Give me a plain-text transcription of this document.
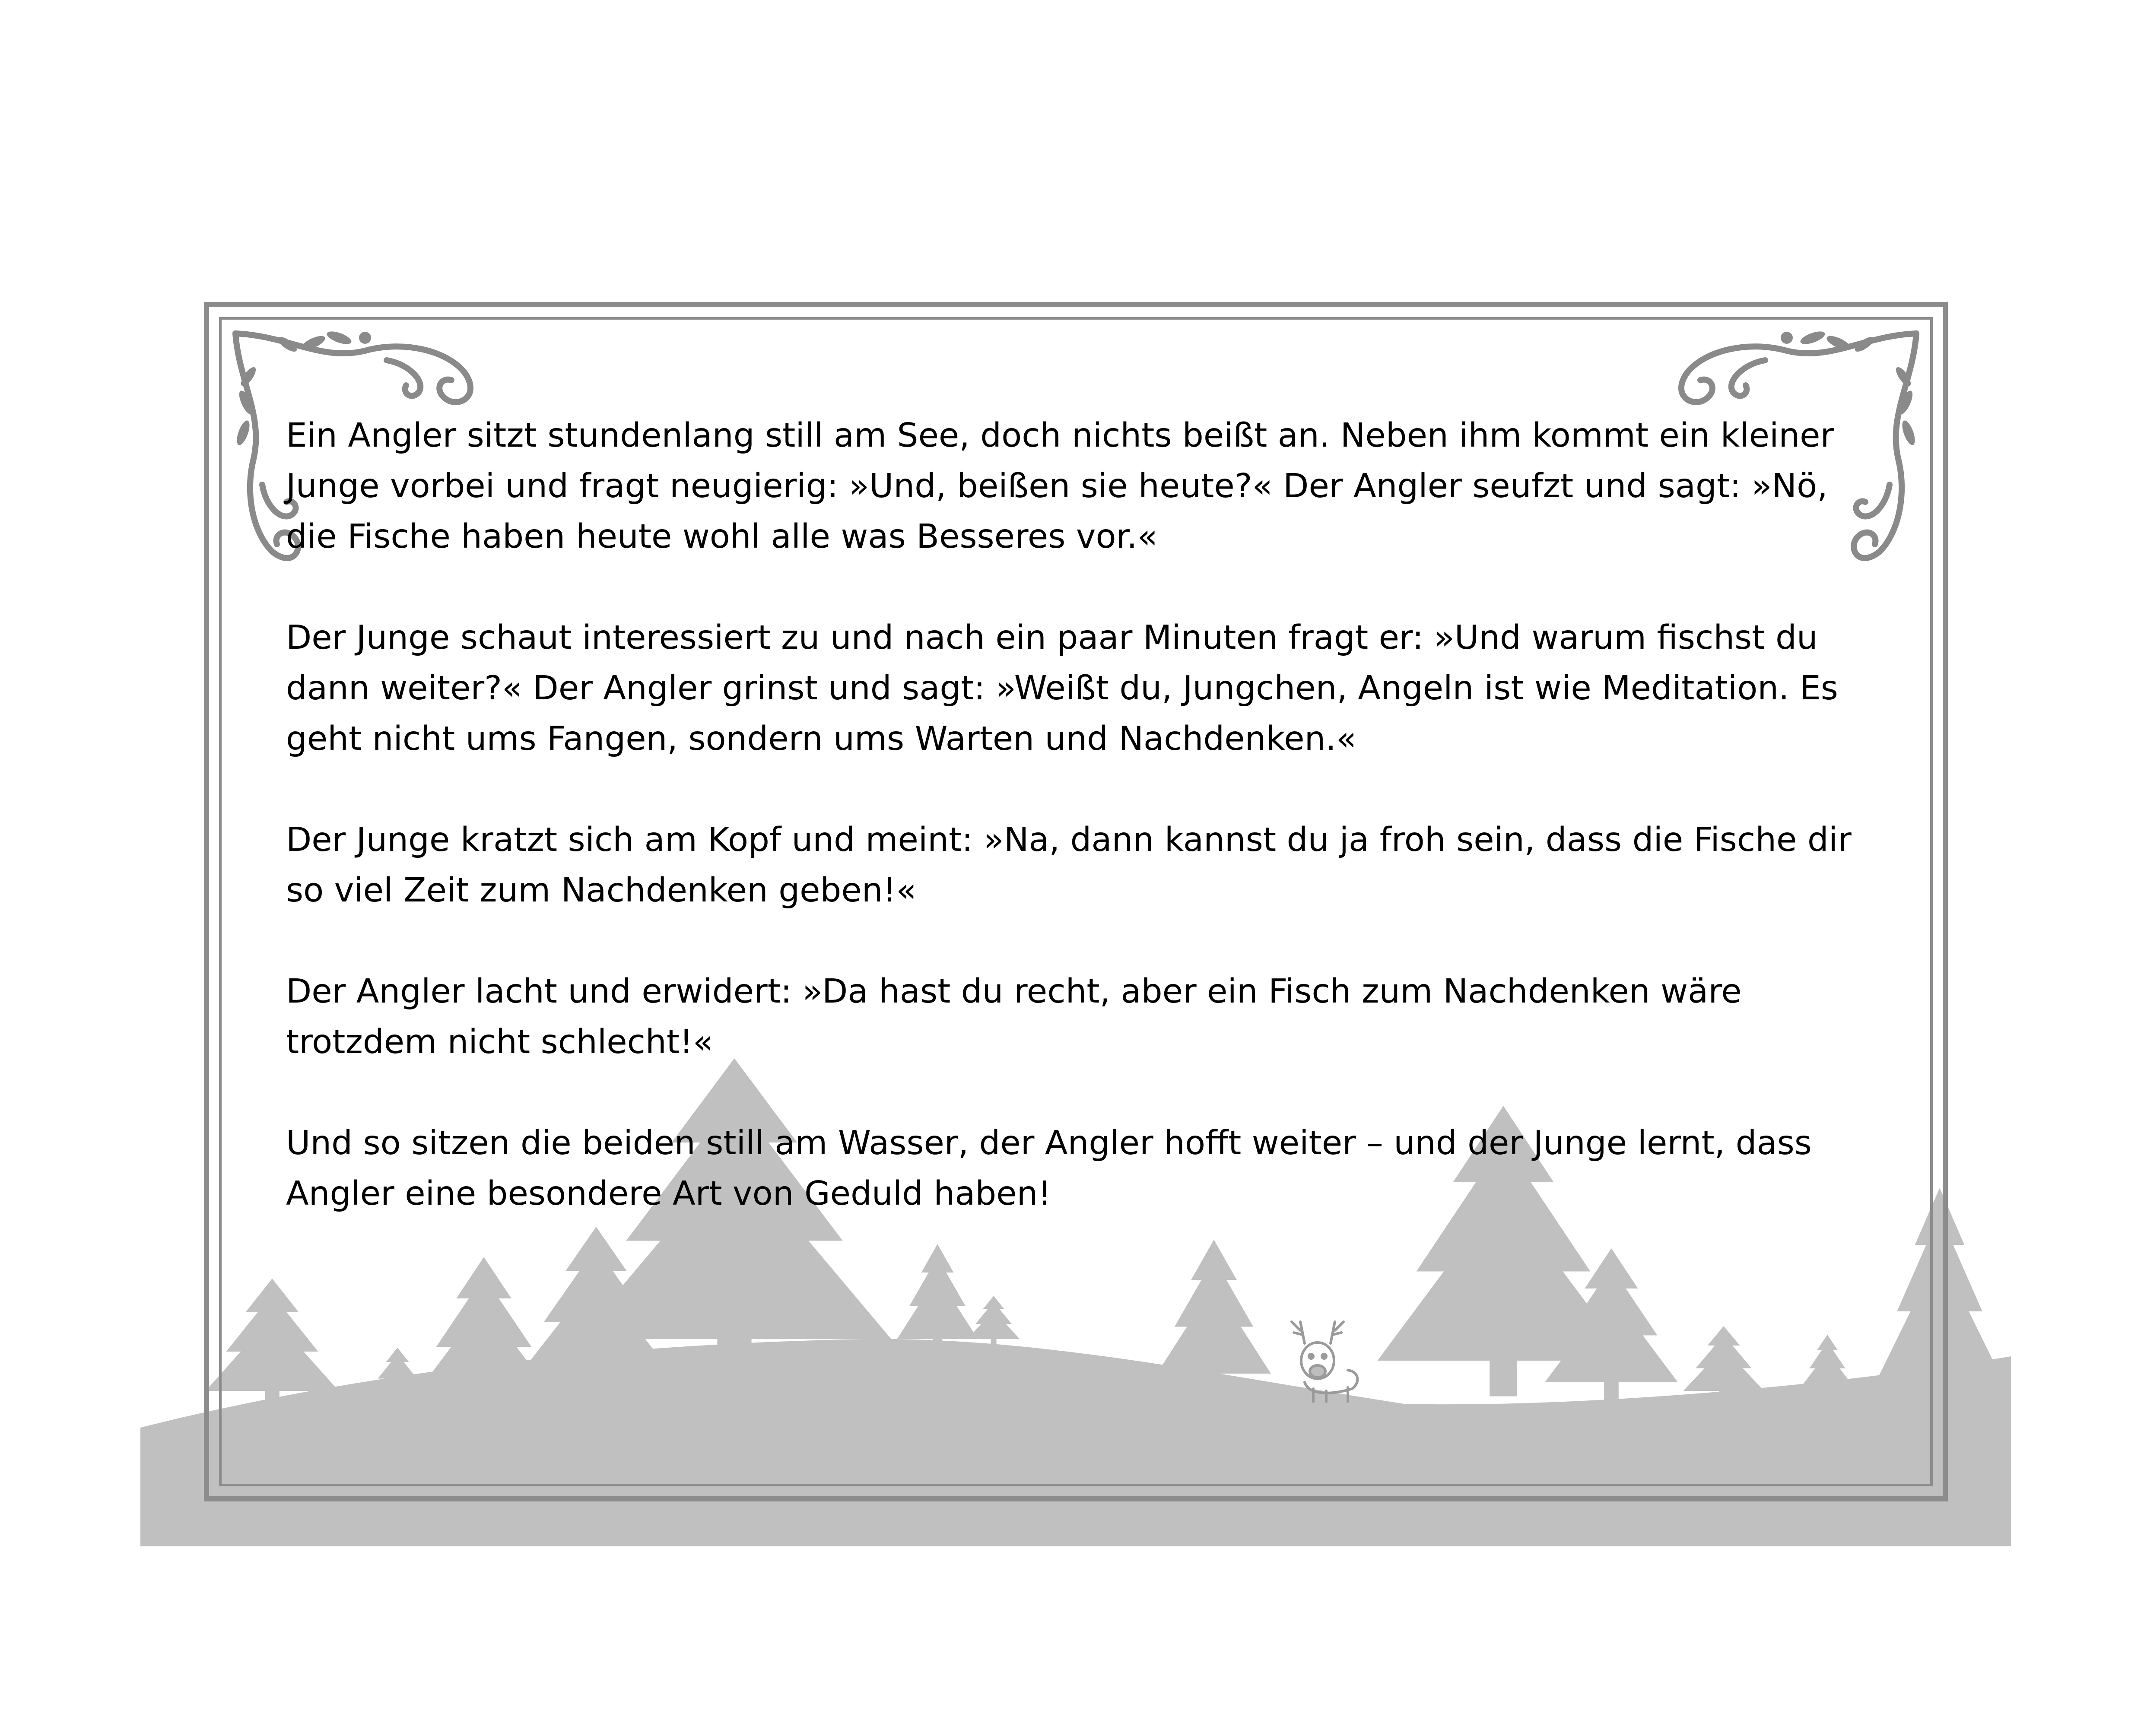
Ein Angler sitzt stundenlang still am See, doch nichts beißt an. Neben ihm kommt ein kleiner Junge vorbei und fragt neugierig: »Und, beißen sie heute?« Der Angler seufzt und sagt: »Nö, die Fische haben heute wohl alle was Besseres vor.«

Der Junge schaut interessiert zu und nach ein paar Minuten fragt er: »Und warum fischst du dann weiter?« Der Angler grinst und sagt: »Weißt du, Jungchen, Angeln ist wie Meditation. Es geht nicht ums Fangen, sondern ums Warten und Nachdenken.«

Der Junge kratzt sich am Kopf und meint: »Na, dann kannst du ja froh sein, dass die Fische dir so viel Zeit zum Nachdenken geben!«

Der Angler lacht und erwidert: »Da hast du recht, aber ein Fisch zum Nachdenken wäre trotzdem nicht schlecht!«

Und so sitzen die beiden still am Wasser, der Angler hofft weiter – und der Junge lernt, dass Angler eine besondere Art von Geduld haben!
